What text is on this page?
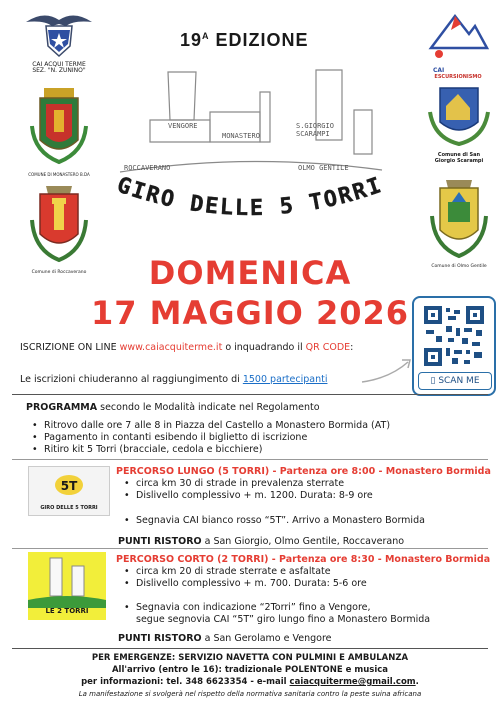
CAI ACQUI TERME
SEZ. "N. ZUNINO"
COMUNE DI MONASTERO B.DA
Comune di Roccaverano
CAI
ESCURSIONISMO
Comune di San
Giorgio Scarampi
Comune di Olmo Gentile
$19^A$ EDIZIONE
VENGORE
MONASTERO
S.GIORGIO SCARAMPI
ROCCAVERANO	OLMO GENTILE
GIRO DELLE 5 TORRI
DOMENICA
17 MAGGIO 2026
ISCRIZIONE ON LINE www.caiacquiterme.it o inquadrando il QR CODE:
Le iscrizioni chiuderanno al raggiungimento di 1500 partecipanti	▯ SCAN ME
PROGRAMMA secondo le Modalità indicate nel Regolamento
• Ritrovo dalle ore 7 alle 8 in Piazza del Castello a Monastero Bormida (AT)
• Pagamento in contanti esibendo il biglietto di iscrizione
• Ritiro kit 5 Torri (bracciale, cedola e bicchiere)
5T
GIRO DELLE 5 TORRI
PERCORSO LUNGO (5 TORRI) - Partenza ore 8:00 - Monastero Bormida
• circa km 30 di strade in prevalenza sterrate
• Dislivello complessivo + m. 1200. Durata: 8-9 ore
• Segnavia CAI bianco rosso “5T”. Arrivo a Monastero Bormida
PUNTI RISTORO a San Giorgio, Olmo Gentile, Roccaverano
LE 2 TORRI
PERCORSO CORTO (2 TORRI) - Partenza ore 8:30 - Monastero Bormida
• circa km 20 di strade sterrate e asfaltate
• Dislivello complessivo + m. 700. Durata: 5-6 ore
• Segnavia con indicazione “2Torri” fino a Vengore,
segue segnovia CAI “5T” giro lungo fino a Monastero Bormida
PUNTI RISTORO a San Gerolamo e Vengore
PER EMERGENZE: SERVIZIO NAVETTA CON PULMINI E AMBULANZA
All'arrivo (entro le 16): tradizionale POLENTONE e musica
per informazioni: tel. 348 6623354 - e-mail caiacquiterme@gmail.com.
La manifestazione si svolgerà nel rispetto della normativa sanitaria contro la peste suina africana
